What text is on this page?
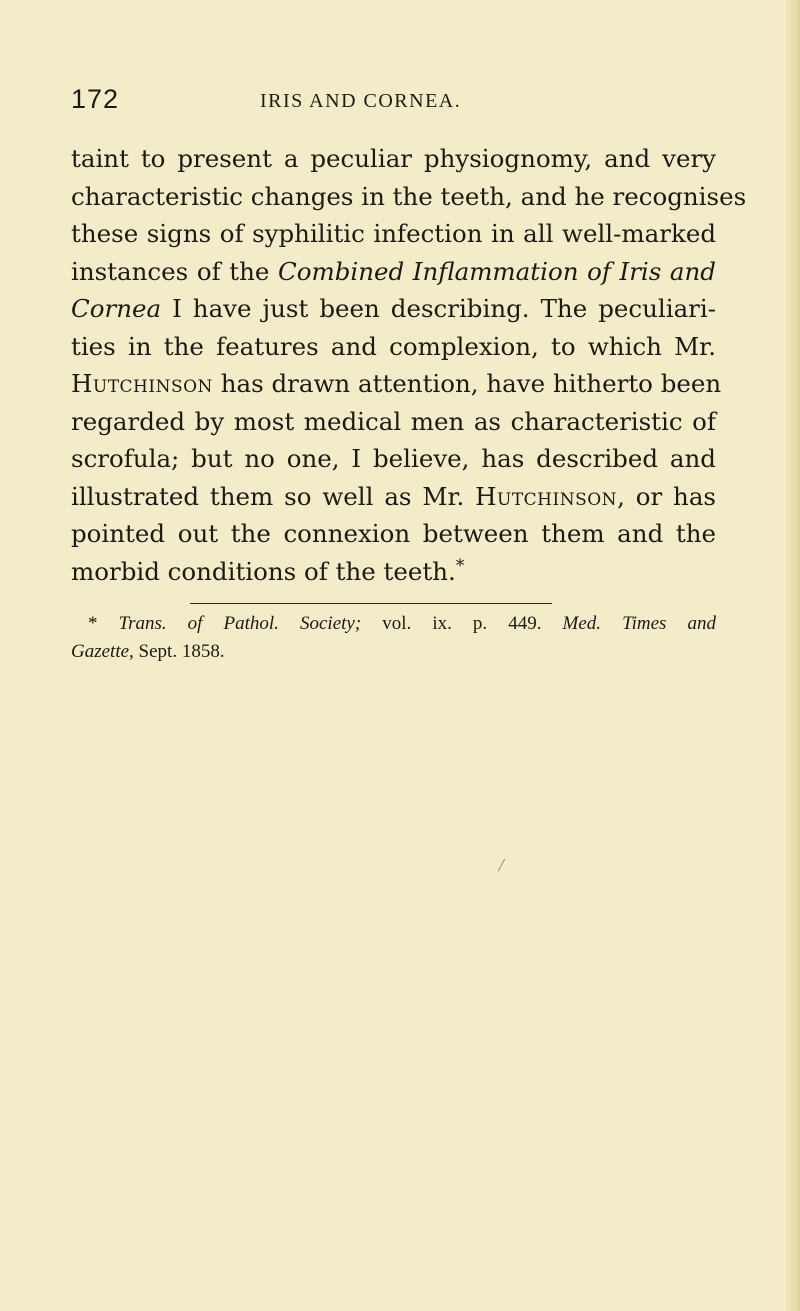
172	IRIS AND CORNEA.
taint to present a peculiar physiognomy, and very
characteristic changes in the teeth, and he recognises
these signs of syphilitic infection in all well-marked
instances of the Combined Inflammation of Iris and
Cornea I have just been describing. The peculiari-
ties in the features and complexion, to which Mr.
Hutchinson has drawn attention, have hitherto been
regarded by most medical men as characteristic of
scrofula; but no one, I believe, has described and
illustrated them so well as Mr. Hutchinson, or has
pointed out the connexion between them and the
morbid conditions of the teeth.*
* Trans. of Pathol. Society; vol. ix. p. 449. Med. Times and
Gazette, Sept. 1858.
